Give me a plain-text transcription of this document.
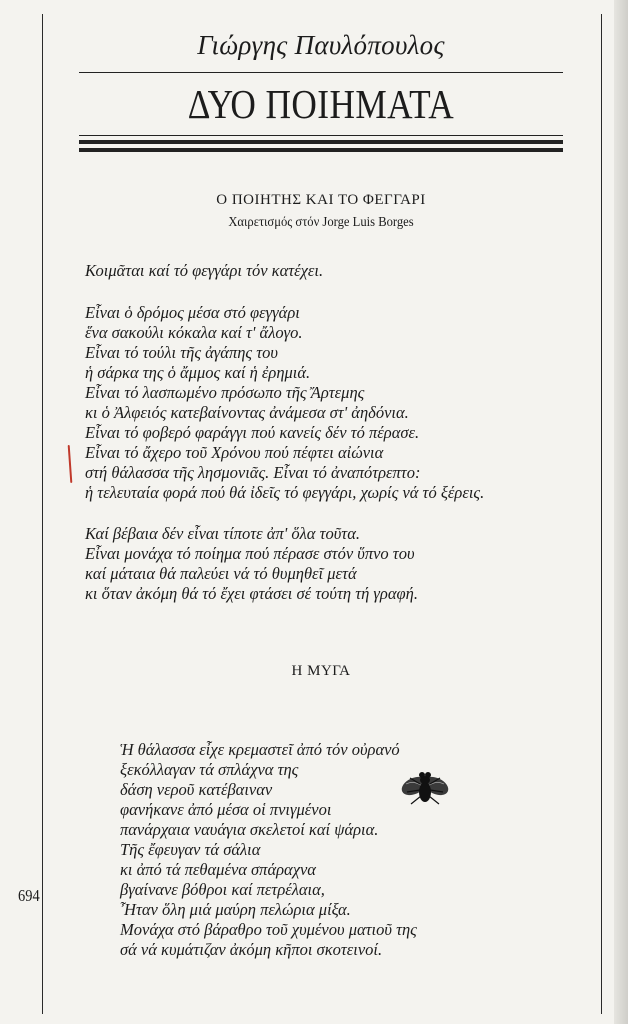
Γιώργης Παυλόπουλος
ΔΥΟ ΠΟΙΗΜΑΤΑ
Ο ΠΟΙΗΤΗΣ ΚΑΙ ΤΟ ΦΕΓΓΑΡΙ
Χαιρετισμός στόν Jorge Luis Borges
Κοιμᾶται καί τό φεγγάρι τόν κατέχει.
Εἶναι ὁ δρόμος μέσα στό φεγγάρι
ἕνα σακούλι κόκαλα καί τ' ἄλογο.
Εἶναι τό τούλι τῆς ἀγάπης του
ἡ σάρκα της ὁ ἄμμος καί ἡ ἐρημιά.
Εἶναι τό λασπωμένο πρόσωπο τῆς Ἄρτεμης
κι ὁ Ἀλφειός κατεβαίνοντας ἀνάμεσα στ' ἀηδόνια.
Εἶναι τό φοβερό φαράγγι πού κανείς δέν τό πέρασε.
Εἶναι τό ἄχερο τοῦ Χρόνου πού πέφτει αἰώνια
στή θάλασσα τῆς λησμονιᾶς. Εἶναι τό ἀναπότρεπτο:
ἡ τελευταία φορά πού θά ἰδεῖς τό φεγγάρι, χωρίς νά τό ξέρεις.
Καί βέβαια δέν εἶναι τίποτε ἀπ' ὅλα τοῦτα.
Εἶναι μονάχα τό ποίημα πού πέρασε στόν ὕπνο του
καί μάταια θά παλεύει νά τό θυμηθεῖ μετά
κι ὅταν ἀκόμη θά τό ἔχει φτάσει σέ τούτη τή γραφή.
Η ΜΥΓΑ
Ἡ θάλασσα εἶχε κρεμαστεῖ ἀπό τόν οὐρανό
ξεκόλλαγαν τά σπλάχνα της
δάση νεροῦ κατέβαιναν
φανήκανε ἀπό μέσα οἱ πνιγμένοι
πανάρχαια ναυάγια σκελετοί καί ψάρια.
Τῆς ἔφευγαν τά σάλια
κι ἀπό τά πεθαμένα σπάραχνα
βγαίνανε βόθροι καί πετρέλαια,
Ἦταν ὅλη μιά μαύρη πελώρια μίξα.
Μονάχα στό βάραθρο τοῦ χυμένου ματιοῦ της
σά νά κυμάτιζαν ἀκόμη κῆποι σκοτεινοί.
694
